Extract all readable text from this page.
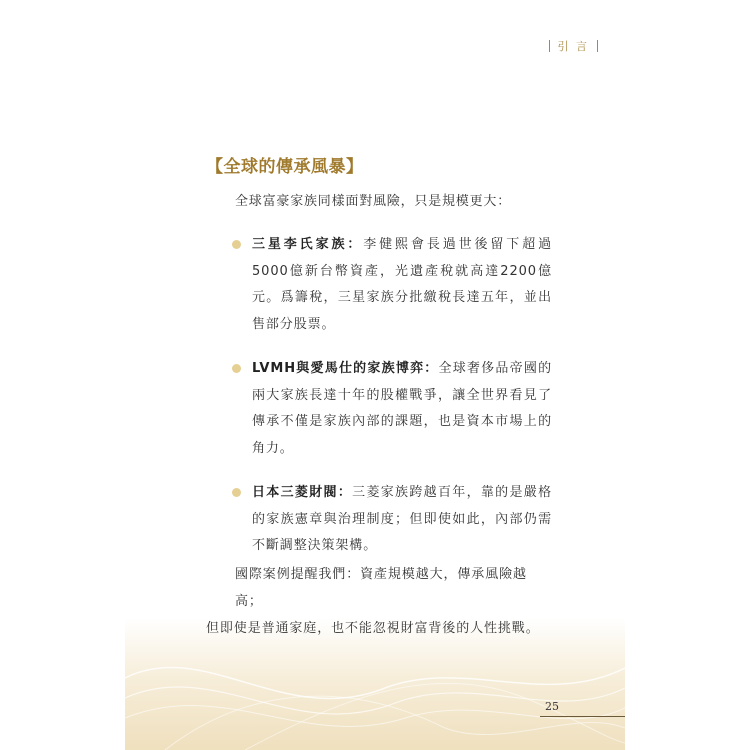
引 言
【全球的傳承風暴】
全球富豪家族同樣面對風險，只是規模更大：
三星李氏家族：李健熙會長過世後留下超過5000億新台幣資產，光遺產稅就高達2200億元。爲籌稅，三星家族分批繳稅長達五年，並出售部分股票。
LVMH與愛馬仕的家族博弈：全球奢侈品帝國的兩大家族長達十年的股權戰爭，讓全世界看見了傳承不僅是家族內部的課題，也是資本市場上的角力。
日本三菱財閥：三菱家族跨越百年，靠的是嚴格的家族憲章與治理制度；但即使如此，內部仍需不斷調整決策架構。
國際案例提醒我們：資產規模越大，傳承風險越高；
但即使是普通家庭，也不能忽視財富背後的人性挑戰。
25
